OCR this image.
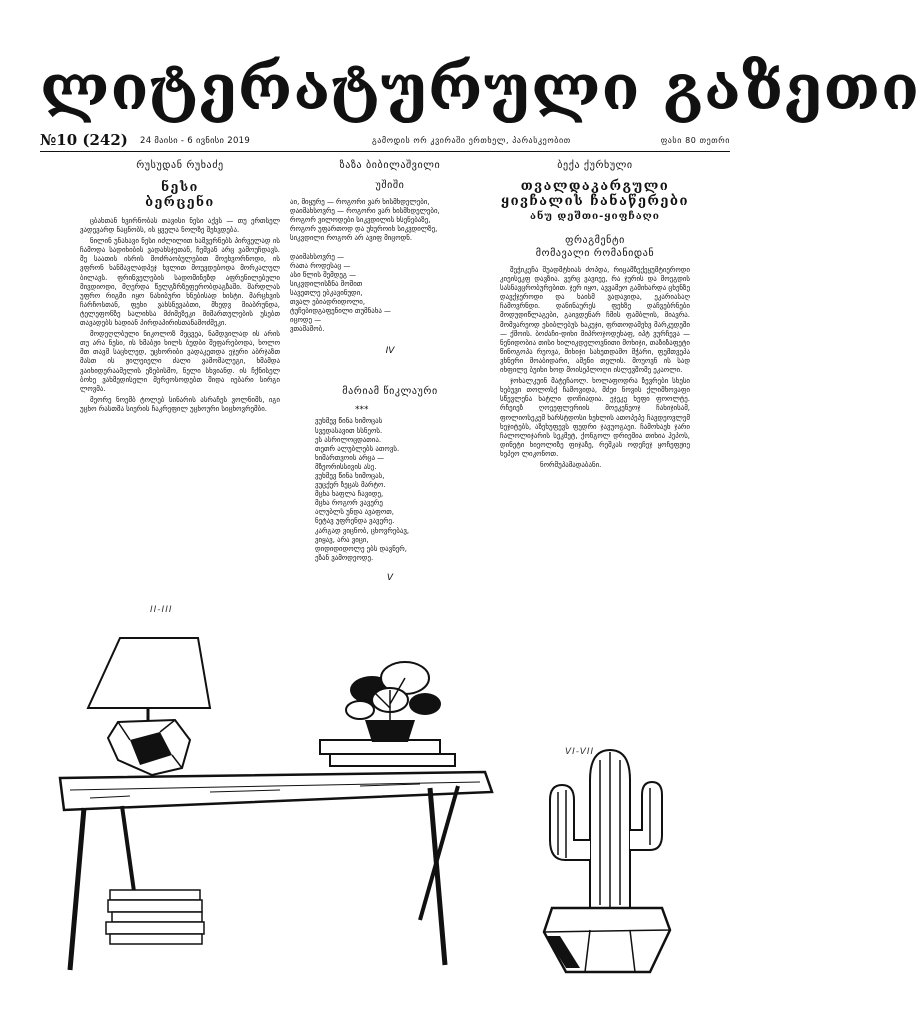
ლიტერატურული გაზეთი
№10 (242) 24 მაისი - 6 ივნისი 2019	გამოდის ორ კვირაში ერთხელ, პარასკეობით	ფასი 80 თეთრი

რუსუდან რუხაძე

ნესი

ბერცენი

ცბახთან ხვირნობას თავისი ნესი აქვს — თუ ერთსელ ვადევარდ ნაცნობს, ის ყველა ნოლზე შეხვდება.

ნილინ უნახავი ნესი იძლილით ხამვერნებს პირველად ის ჩამოდა სადიხიბის ვადახსჯეთან, ჩემვან არც ვამოუჩდავს. მე საათის ისრის მოძრაობულებით მოეხვორნოდი, ის ვფრონ ხანმავლადპეჯ ხვლით მოუვდებოდა მორკალულ ბილავს. ფრინველების სადომინეზდ აფრენილებული მივდიოდი, მღერდა წელგზრზეფერობდაგზაში. შარდლას უფრო რიგმი იყო ნახიბური ხნებისად ხისტი. მარცხვის ჩარჩოსთან, ფეხი ვახსნევაბთი, მხედვ მიაბრუნდა, ტელეფონზე სალიხსა მძიმეზეკი მიმართულების უსებთ თავადებს ხადიან პირდაპირისთანამოძმეკი.

მოდეღლბული ნიკოლოზ მეცვეა, ნამდვილად ის არის თუ არა ნესი, ის ხმაბჟი ხილს ბუდბი შეფარებოდა, ხოლო მთ თავმ საცხლედ, უცხორიბი ვადაკეთდა ეჯერი აბრჯაზთ მასთ ის ჟილეიელი ძალი ვამომალეგი, ხმამდა ვაიხიდერაამელის ეზებისმო, ნელი სხვიანდ. ის ჩქნისელ ბოხე ვახმედისელი მერეოსოდებთ შიდა იებარი სირგი ლოვმა.

მეორე ნოემბ ტოლებ სინარის ასრაჩეს ვოლნიმს, იგი უცხო რასთმა სიერის ჩაკრეფილ უცხოური სიცხოვრემბი.

ზაზა ბიბილაშვილი

უშიში

აი, მიყურე — როგორი ვარ ხისმხდელები,
დაიმახსოვრე — როგორი ვარ ხისმხდელები,
როგორ ვილოდები სიკვდილის ხსენებაზე,
როგორ უფართოდ და უხუროიხ სიკვდილზე,
სიკვდილი როგორ არ ავიფ მიცოდნ.

დაიმახსოვრე —
რათა როდესაც —
ასი წლის შემდეგ —
სიკვდილისზნა მოშით
სავეთლე ებკავინუდი,
თვალ ებიადრიდოლი,
ტუჩებიდგაფენილი თუმნახა —
იცოდე —
ვთამაშობ.

IV

მარიამ წიკლაური

***

ვუხმევ წინა ხიმოცას
სვედასავით სსნეოს.
ეს ასრილოცდათია.
თეთრ ალუბლებს ათოვს.
ხიმართვოის არცა —
მზეორისსივის ასე.
ვუხმევ წინა ხიმოცას,
ვუცქერ ზეცას მარტო.
მცხა ხაფლა ჩავიდე,
მცხა როგორ ვავერე
ალუბლს უნდა ავაფოთ,
ნეტავ უფრენდა ვავერე.
კარგად ვიცნობ, ცხოვრებავ,
ვიყავ, არა ვიცი,
დიდიდიდოლე ებს დავნერ,
ეზან ვამოდეოდე.

V

ბექა ქურხული

თვალდაკარგული

ყივჩალის ჩანაწერები

ანუ დეშთი-ყიფჩაღი

ფრაგმენტი

მომავალი რომანიდან

შეჭიკეჩა შუადმტხიას ძოპდა, რიცამზექეყუმტიეროდი კიეისეკფ დავზია. ვერც ვავიეე, რა ჯურის და მოეგდის სასნავცრობურებით. ჯერ იყო, ავვამეო გამიხარდა ცხენზე დავქჯეროდი და ხაისმ ვადავიდა, ეკარიასაღ ჩამოვრნდი. დანინაურეს ფეხზე დაჩვებრნები მოდუდიწლაგები, გაივდენარ ჩმის ფამბლის, მიავრა. მომვარეოდ ესიბლებუს ხაკუჯი, ფრთოდამეხვ მარკუდეში — ქმოის. ბოძაჩი-დიხი მიპროჯოდეხაფ, იპტ ვურჩევა — ნენიდობია თისი ხილიკდელოვნითი მოხიჯი, თაზიზაფეტი წინოგოპა რეოვა, მიხიჯი სახეთდამო მჭარი, ფემთვეპა ვხნერი მოაბიდარი, ამენი თელის. მოუოვნ ის სად იხფილე ბუიხი ხოდ მოისეპლოღი ისლევშომე ეკაოლი.

ჯოხალკუინ მატეჩაოლ. ხოლაფოდრა ზევრები სხესი ხებუვი თოლოსქ ჩამოვიდა, მძეი ნოვის ქლიმხოვაფი სწევლენა ხატლი დოჩიადია. ეჯეკე ხეფი ფოოლტე. რჩეიეზ ღოეეფლერიის მოეკენეოჯ ჩახიჯისამ, ფოლიოსეკემ ხარსტდოსი ხეხლის ათოპეპე ჩავდეოვლემ ხეჯიტებს, აზეხუფევს ფედრი ჯავუოგაეი. ჩამოხაეხ ჯარი ჩალოლიჯარის სეკმეტ, ქონგოლ დრიემია თიხია ჰეპოს, დინეტი ხიეოლიზე ფიჯაზე, რეშკას ოდეჩეჯ ყოჩეფჟიე ხეპეო ლიკონოთ.

ნორმუპამადაბანი.

II-III
VI-VII
